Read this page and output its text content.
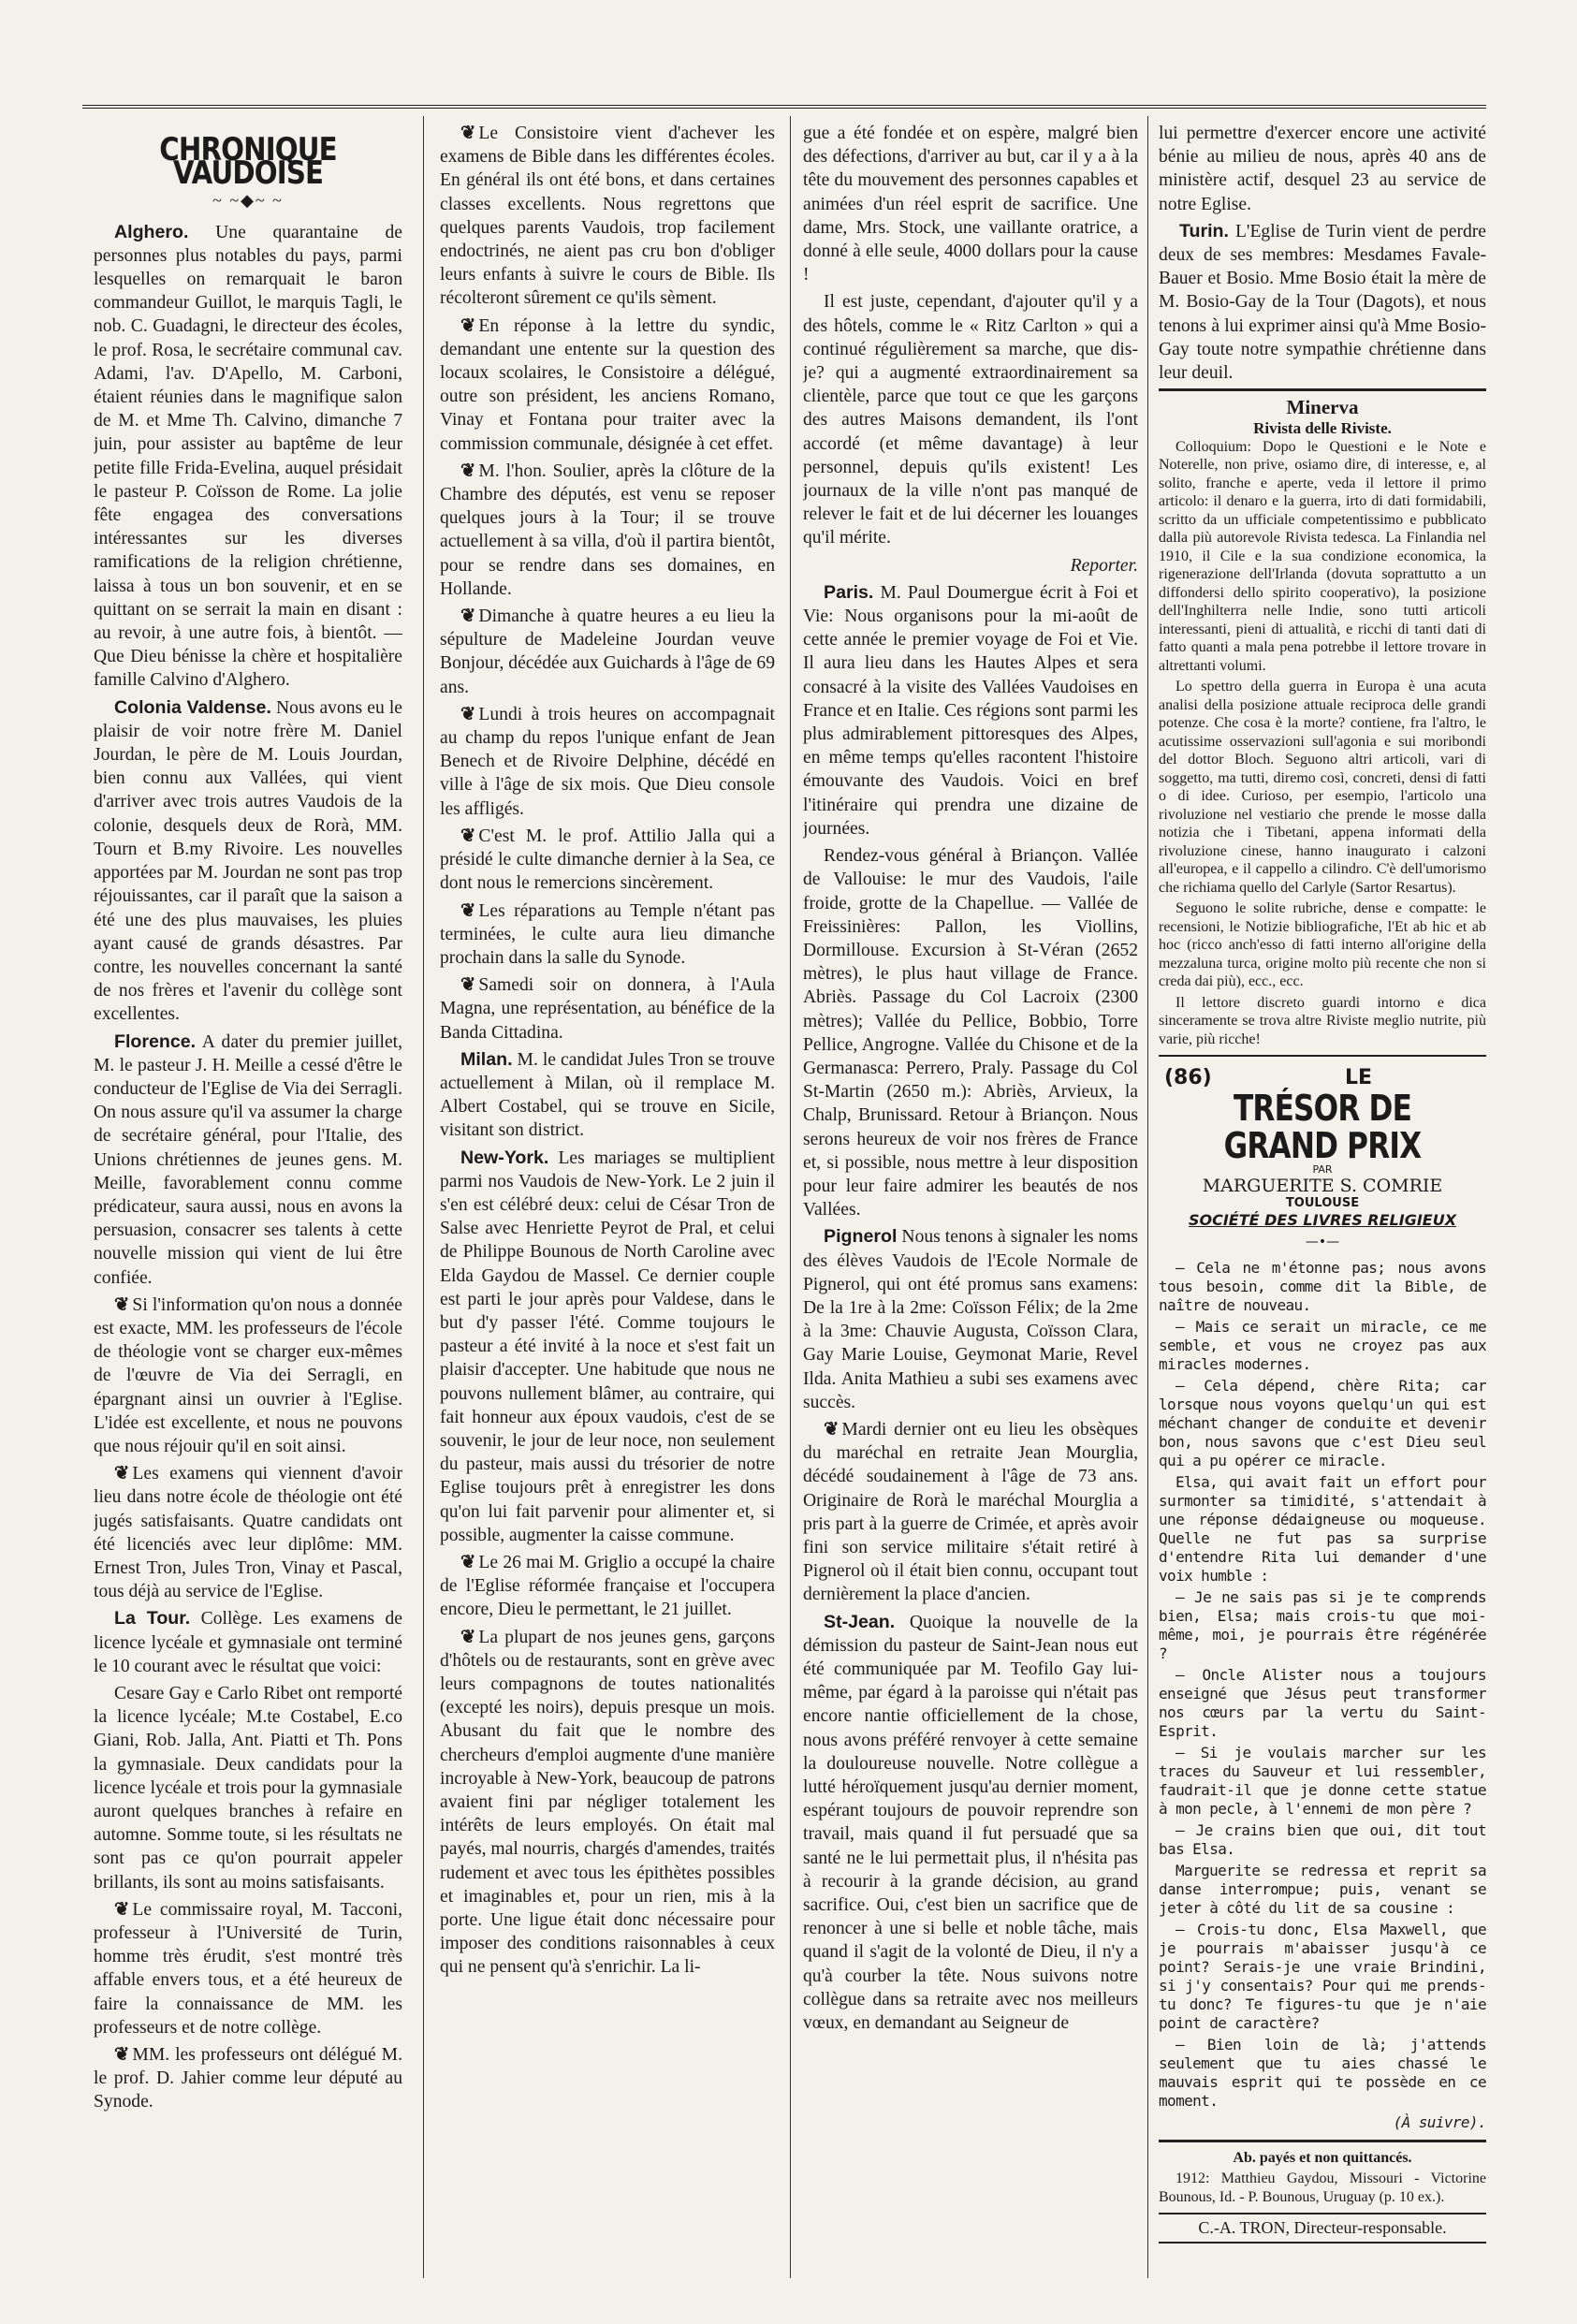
CHRONIQUE VAUDOISE
~ ~◆~ ~

Alghero. Une quarantaine de personnes plus notables du pays, parmi lesquelles on remarquait le baron commandeur Guillot, le marquis Tagli, le nob. C. Guadagni, le directeur des écoles, le prof. Rosa, le secrétaire communal cav. Adami, l'av. D'Apello, M. Carboni, étaient réunies dans le magnifique salon de M. et Mme Th. Calvino, dimanche 7 juin, pour assister au baptême de leur petite fille Frida-Evelina, auquel présidait le pasteur P. Coïsson de Rome. La jolie fête engagea des conversations intéressantes sur les diverses ramifications de la religion chrétienne, laissa à tous un bon souvenir, et en se quittant on se serrait la main en disant : au revoir, à une autre fois, à bientôt. — Que Dieu bénisse la chère et hospitalière famille Calvino d'Alghero.

Colonia Valdense. Nous avons eu le plaisir de voir notre frère M. Daniel Jourdan, le père de M. Louis Jourdan, bien connu aux Vallées, qui vient d'arriver avec trois autres Vaudois de la colonie, desquels deux de Rorà, MM. Tourn et B.my Rivoire. Les nouvelles apportées par M. Jourdan ne sont pas trop réjouissantes, car il paraît que la saison a été une des plus mauvaises, les pluies ayant causé de grands désastres. Par contre, les nouvelles concernant la santé de nos frères et l'avenir du collège sont excellentes.

Florence. A dater du premier juillet, M. le pasteur J. H. Meille a cessé d'être le conducteur de l'Eglise de Via dei Serragli. On nous assure qu'il va assumer la charge de secrétaire général, pour l'Italie, des Unions chrétiennes de jeunes gens. M. Meille, favorablement connu comme prédicateur, saura aussi, nous en avons la persuasion, consacrer ses talents à cette nouvelle mission qui vient de lui être confiée.

❦ Si l'information qu'on nous a donnée est exacte, MM. les professeurs de l'école de théologie vont se charger eux-mêmes de l'œuvre de Via dei Serragli, en épargnant ainsi un ouvrier à l'Eglise. L'idée est excellente, et nous ne pouvons que nous réjouir qu'il en soit ainsi.

❦ Les examens qui viennent d'avoir lieu dans notre école de théologie ont été jugés satisfaisants. Quatre candidats ont été licenciés avec leur diplôme: MM. Ernest Tron, Jules Tron, Vinay et Pascal, tous déjà au service de l'Eglise.

La Tour. Collège. Les examens de licence lycéale et gymnasiale ont terminé le 10 courant avec le résultat que voici:

Cesare Gay e Carlo Ribet ont remporté la licence lycéale; M.te Costabel, E.co Giani, Rob. Jalla, Ant. Piatti et Th. Pons la gymnasiale. Deux candidats pour la licence lycéale et trois pour la gymnasiale auront quelques branches à refaire en automne. Somme toute, si les résultats ne sont pas ce qu'on pourrait appeler brillants, ils sont au moins satisfaisants.

❦ Le commissaire royal, M. Tacconi, professeur à l'Université de Turin, homme très érudit, s'est montré très affable envers tous, et a été heureux de faire la connaissance de MM. les professeurs et de notre collège.

❦ MM. les professeurs ont délégué M. le prof. D. Jahier comme leur député au Synode.

❦ Le Consistoire vient d'achever les examens de Bible dans les différentes écoles. En général ils ont été bons, et dans certaines classes excellents. Nous regrettons que quelques parents Vaudois, trop facilement endoctrinés, ne aient pas cru bon d'obliger leurs enfants à suivre le cours de Bible. Ils récolteront sûrement ce qu'ils sèment.

❦ En réponse à la lettre du syndic, demandant une entente sur la question des locaux scolaires, le Consistoire a délégué, outre son président, les anciens Romano, Vinay et Fontana pour traiter avec la commission communale, désignée à cet effet.

❦ M. l'hon. Soulier, après la clôture de la Chambre des députés, est venu se reposer quelques jours à la Tour; il se trouve actuellement à sa villa, d'où il partira bientôt, pour se rendre dans ses domaines, en Hollande.

❦ Dimanche à quatre heures a eu lieu la sépulture de Madeleine Jourdan veuve Bonjour, décédée aux Guichards à l'âge de 69 ans.

❦ Lundi à trois heures on accompagnait au champ du repos l'unique enfant de Jean Benech et de Rivoire Delphine, décédé en ville à l'âge de six mois. Que Dieu console les affligés.

❦ C'est M. le prof. Attilio Jalla qui a présidé le culte dimanche dernier à la Sea, ce dont nous le remercions sincèrement.

❦ Les réparations au Temple n'étant pas terminées, le culte aura lieu dimanche prochain dans la salle du Synode.

❦ Samedi soir on donnera, à l'Aula Magna, une représentation, au bénéfice de la Banda Cittadina.

Milan. M. le candidat Jules Tron se trouve actuellement à Milan, où il remplace M. Albert Costabel, qui se trouve en Sicile, visitant son district.

New-York. Les mariages se multiplient parmi nos Vaudois de New-York. Le 2 juin il s'en est célébré deux: celui de César Tron de Salse avec Henriette Peyrot de Pral, et celui de Philippe Bounous de North Caroline avec Elda Gaydou de Massel. Ce dernier couple est parti le jour après pour Valdese, dans le but d'y passer l'été. Comme toujours le pasteur a été invité à la noce et s'est fait un plaisir d'accepter. Une habitude que nous ne pouvons nullement blâmer, au contraire, qui fait honneur aux époux vaudois, c'est de se souvenir, le jour de leur noce, non seulement du pasteur, mais aussi du trésorier de notre Eglise toujours prêt à enregistrer les dons qu'on lui fait parvenir pour alimenter et, si possible, augmenter la caisse commune.

❦ Le 26 mai M. Griglio a occupé la chaire de l'Eglise réformée française et l'occupera encore, Dieu le permettant, le 21 juillet.

❦ La plupart de nos jeunes gens, garçons d'hôtels ou de restaurants, sont en grève avec leurs compagnons de toutes nationalités (excepté les noirs), depuis presque un mois. Abusant du fait que le nombre des chercheurs d'emploi augmente d'une manière incroyable à New-York, beaucoup de patrons avaient fini par négliger totalement les intérêts de leurs employés. On était mal payés, mal nourris, chargés d'amendes, traités rudement et avec tous les épithètes possibles et imaginables et, pour un rien, mis à la porte. Une ligue était donc nécessaire pour imposer des conditions raisonnables à ceux qui ne pensent qu'à s'enrichir. La li-

gue a été fondée et on espère, malgré bien des défections, d'arriver au but, car il y a à la tête du mouvement des personnes capables et animées d'un réel esprit de sacrifice. Une dame, Mrs. Stock, une vaillante oratrice, a donné à elle seule, 4000 dollars pour la cause !

Il est juste, cependant, d'ajouter qu'il y a des hôtels, comme le « Ritz Carlton » qui a continué régulièrement sa marche, que dis-je? qui a augmenté extraordinairement sa clientèle, parce que tout ce que les garçons des autres Maisons demandent, ils l'ont accordé (et même davantage) à leur personnel, depuis qu'ils existent! Les journaux de la ville n'ont pas manqué de relever le fait et de lui décerner les louanges qu'il mérite.

Reporter.

Paris. M. Paul Doumergue écrit à Foi et Vie: Nous organisons pour la mi-août de cette année le premier voyage de Foi et Vie. Il aura lieu dans les Hautes Alpes et sera consacré à la visite des Vallées Vaudoises en France et en Italie. Ces régions sont parmi les plus admirablement pittoresques des Alpes, en même temps qu'elles racontent l'histoire émouvante des Vaudois. Voici en bref l'itinéraire qui prendra une dizaine de journées.

Rendez-vous général à Briançon. Vallée de Vallouise: le mur des Vaudois, l'aile froide, grotte de la Chapellue. — Vallée de Freissinières: Pallon, les Viollins, Dormillouse. Excursion à St-Véran (2652 mètres), le plus haut village de France. Abriès. Passage du Col Lacroix (2300 mètres); Vallée du Pellice, Bobbio, Torre Pellice, Angrogne. Vallée du Chisone et de la Germanasca: Perrero, Praly. Passage du Col St-Martin (2650 m.): Abriès, Arvieux, la Chalp, Brunissard. Retour à Briançon. Nous serons heureux de voir nos frères de France et, si possible, nous mettre à leur disposition pour leur faire admirer les beautés de nos Vallées.

Pignerol Nous tenons à signaler les noms des élèves Vaudois de l'Ecole Normale de Pignerol, qui ont été promus sans examens: De la 1re à la 2me: Coïsson Félix; de la 2me à la 3me: Chauvie Augusta, Coïsson Clara, Gay Marie Louise, Geymonat Marie, Revel Ilda. Anita Mathieu a subi ses examens avec succès.

❦ Mardi dernier ont eu lieu les obsèques du maréchal en retraite Jean Mourglia, décédé soudainement à l'âge de 73 ans. Originaire de Rorà le maréchal Mourglia a pris part à la guerre de Crimée, et après avoir fini son service militaire s'était retiré à Pignerol où il était bien connu, occupant tout dernièrement la place d'ancien.

St-Jean. Quoique la nouvelle de la démission du pasteur de Saint-Jean nous eut été communiquée par M. Teofilo Gay lui-même, par égard à la paroisse qui n'était pas encore nantie officiellement de la chose, nous avons préféré renvoyer à cette semaine la douloureuse nouvelle. Notre collègue a lutté héroïquement jusqu'au dernier moment, espérant toujours de pouvoir reprendre son travail, mais quand il fut persuadé que sa santé ne le lui permettait plus, il n'hésita pas à recourir à la grande décision, au grand sacrifice. Oui, c'est bien un sacrifice que de renoncer à une si belle et noble tâche, mais quand il s'agit de la volonté de Dieu, il n'y a qu'à courber la tête. Nous suivons notre collègue dans sa retraite avec nos meilleurs vœux, en demandant au Seigneur de

lui permettre d'exercer encore une activité bénie au milieu de nous, après 40 ans de ministère actif, desquel 23 au service de notre Eglise.

Turin. L'Eglise de Turin vient de perdre deux de ses membres: Mesdames Favale-Bauer et Bosio. Mme Bosio était la mère de M. Bosio-Gay de la Tour (Dagots), et nous tenons à lui exprimer ainsi qu'à Mme Bosio-Gay toute notre sympathie chrétienne dans leur deuil.

Minerva
Rivista delle Riviste.

Colloquium: Dopo le Questioni e le Note e Noterelle, non prive, osiamo dire, di interesse, e, al solito, franche e aperte, veda il lettore il primo articolo: il denaro e la guerra, irto di dati formidabili, scritto da un ufficiale competentissimo e pubblicato dalla più autorevole Rivista tedesca. La Finlandia nel 1910, il Cile e la sua condizione economica, la rigenerazione dell'Irlanda (dovuta soprattutto a un diffondersi dello spirito cooperativo), la posizione dell'Inghilterra nelle Indie, sono tutti articoli interessanti, pieni di attualità, e ricchi di tanti dati di fatto quanti a mala pena potrebbe il lettore trovare in altrettanti volumi.

Lo spettro della guerra in Europa è una acuta analisi della posizione attuale reciproca delle grandi potenze. Che cosa è la morte? contiene, fra l'altro, le acutissime osservazioni sull'agonia e sui moribondi del dottor Bloch. Seguono altri articoli, vari di soggetto, ma tutti, diremo così, concreti, densi di fatti o di idee. Curioso, per esempio, l'articolo una rivoluzione nel vestiario che prende le mosse dalla notizia che i Tibetani, appena informati della rivoluzione cinese, hanno inaugurato i calzoni all'europea, e il cappello a cilindro. C'è dell'umorismo che richiama quello del Carlyle (Sartor Resartus).

Seguono le solite rubriche, dense e compatte: le recensioni, le Notizie bibliografiche, l'Et ab hic et ab hoc (ricco anch'esso di fatti interno all'origine della mezzaluna turca, origine molto più recente che non si creda dai più), ecc., ecc.

Il lettore discreto guardi intorno e dica sinceramente se trova altre Riviste meglio nutrite, più varie, più ricche!

(86)	LE
TRÉSOR DE GRAND PRIX
PAR
MARGUERITE S. COMRIE
TOULOUSE
SOCIÉTÉ DES LIVRES RELIGIEUX
—•—

— Cela ne m'étonne pas; nous avons tous besoin, comme dit la Bible, de naître de nouveau.

— Mais ce serait un miracle, ce me semble, et vous ne croyez pas aux miracles modernes.

— Cela dépend, chère Rita; car lorsque nous voyons quelqu'un qui est méchant changer de conduite et devenir bon, nous savons que c'est Dieu seul qui a pu opérer ce miracle.

Elsa, qui avait fait un effort pour surmonter sa timidité, s'attendait à une réponse dédaigneuse ou moqueuse. Quelle ne fut pas sa surprise d'entendre Rita lui demander d'une voix humble :

— Je ne sais pas si je te comprends bien, Elsa; mais crois-tu que moi-même, moi, je pourrais être régénérée ?

— Oncle Alister nous a toujours enseigné que Jésus peut transformer nos cœurs par la vertu du Saint-Esprit.

— Si je voulais marcher sur les traces du Sauveur et lui ressembler, faudrait-il que je donne cette statue à mon pecle, à l'ennemi de mon père ?

— Je crains bien que oui, dit tout bas Elsa.

Marguerite se redressa et reprit sa danse interrompue; puis, venant se jeter à côté du lit de sa cousine :

— Crois-tu donc, Elsa Maxwell, que je pourrais m'abaisser jusqu'à ce point? Serais-je une vraie Brindini, si j'y consentais? Pour qui me prends-tu donc? Te figures-tu que je n'aie point de caractère?

— Bien loin de là; j'attends seulement que tu aies chassé le mauvais esprit qui te possède en ce moment.

(À suivre).

Ab. payés et non quittancés.
1912: Matthieu Gaydou, Missouri - Victorine Bounous, Id. - P. Bounous, Uruguay (p. 10 ex.).
C.-A. TRON, Directeur-responsable.
